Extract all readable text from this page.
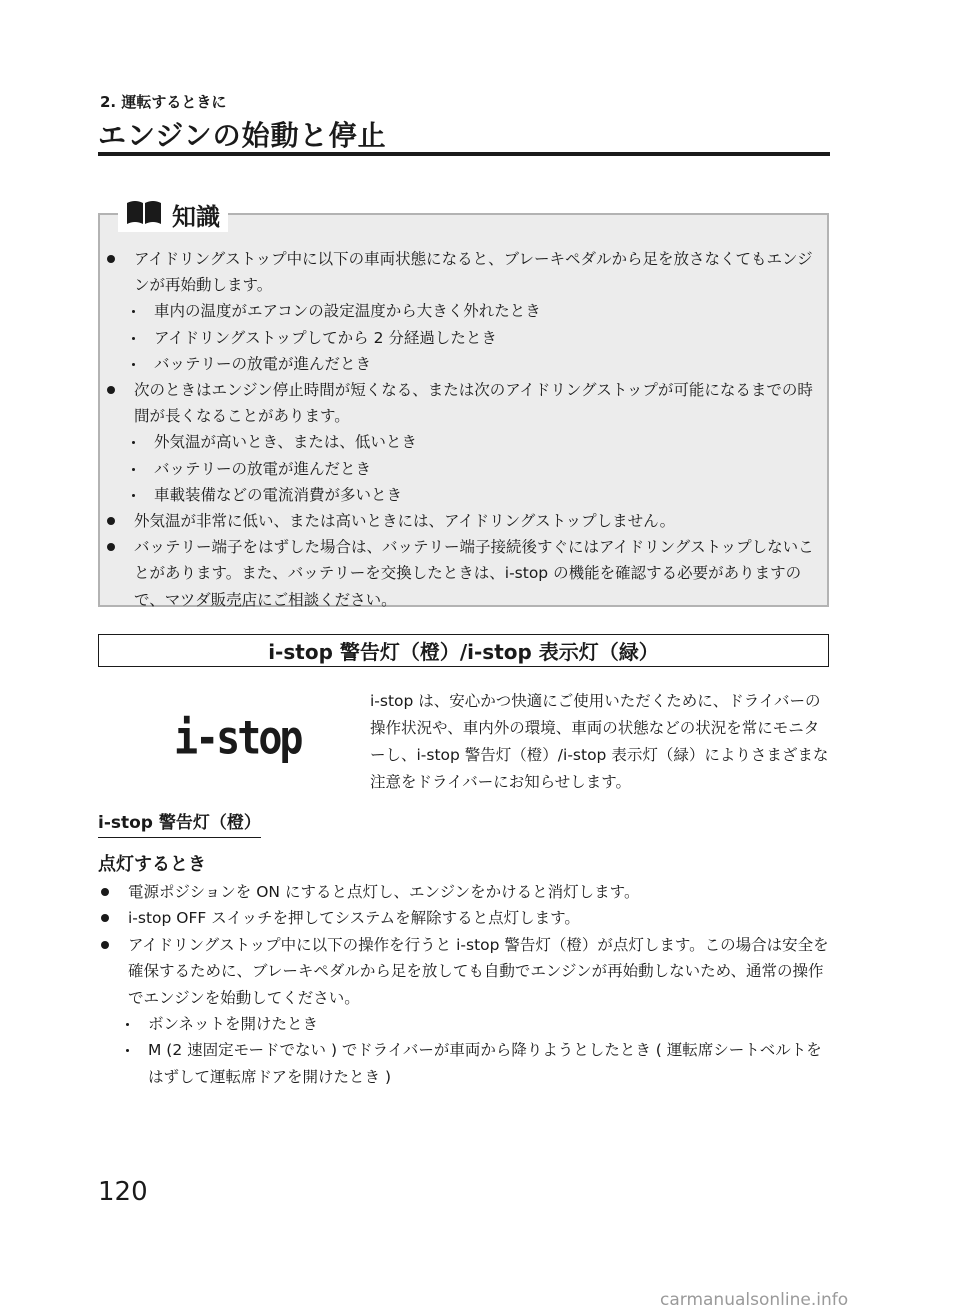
2. 運転するときに
エンジンの始動と停止
知識
アイドリングストップ中に以下の車両状態になると、ブレーキペダルから足を放さなくてもエンジンが再始動します。
車内の温度がエアコンの設定温度から大きく外れたとき
アイドリングストップしてから 2 分経過したとき
バッテリーの放電が進んだとき
次のときはエンジン停止時間が短くなる、または次のアイドリングストップが可能になるまでの時間が長くなることがあります。
外気温が高いとき、または、低いとき
バッテリーの放電が進んだとき
車載装備などの電流消費が多いとき
外気温が非常に低い、または高いときには、アイドリングストップしません。
バッテリー端子をはずした場合は、バッテリー端子接続後すぐにはアイドリングストップしないことがあります。また、バッテリーを交換したときは、i-stop の機能を確認する必要がありますので、マツダ販売店にご相談ください。
i-stop 警告灯（橙）/i-stop 表示灯（緑）
i-stop
i-stop は、安心かつ快適にご使用いただくために、ドライバーの操作状況や、車内外の環境、車両の状態などの状況を常にモニターし、i-stop 警告灯（橙）/i-stop 表示灯（緑）によりさまざまな注意をドライバーにお知らせします。
i-stop 警告灯（橙）
点灯するとき
電源ポジションを ON にすると点灯し、エンジンをかけると消灯します。
i-stop OFF スイッチを押してシステムを解除すると点灯します。
アイドリングストップ中に以下の操作を行うと i-stop 警告灯（橙）が点灯します。この場合は安全を確保するために、ブレーキペダルから足を放しても自動でエンジンが再始動しないため、通常の操作でエンジンを始動してください。
ボンネットを開けたとき
M (2 速固定モードでない ) でドライバーが車両から降りようとしたとき ( 運転席シートベルトをはずして運転席ドアを開けたとき )
120
carmanualsonline.info
